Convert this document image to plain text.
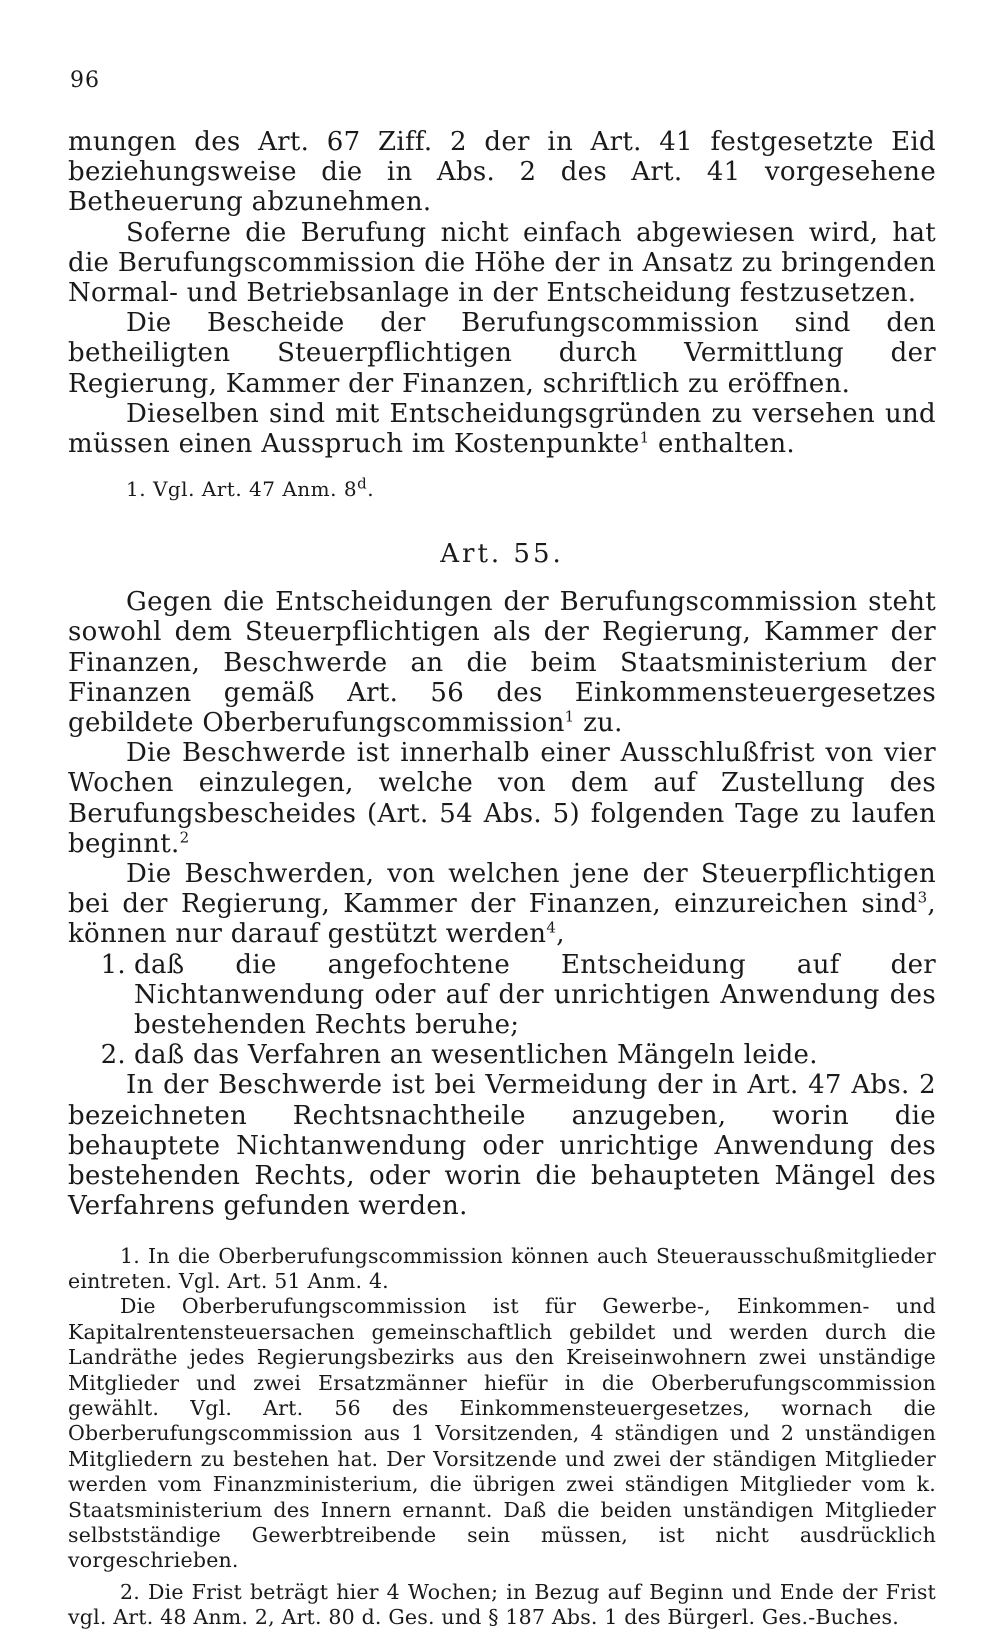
96

mungen des Art. 67 Ziff. 2 der in Art. 41 festgesetzte Eid beziehungsweise die in Abs. 2 des Art. 41 vorgesehene Betheuerung abzunehmen.

Soferne die Berufung nicht einfach abgewiesen wird, hat die Berufungscommission die Höhe der in Ansatz zu bringenden Normal- und Betriebsanlage in der Entscheidung festzusetzen.

Die Bescheide der Berufungscommission sind den betheiligten Steuerpflichtigen durch Vermittlung der Regierung, Kammer der Finanzen, schriftlich zu eröffnen.

Dieselben sind mit Entscheidungsgründen zu versehen und müssen einen Ausspruch im Kostenpunkte$^1$ enthalten.

1. Vgl. Art. 47 Anm. 8$^d$.
Art. 55.

Gegen die Entscheidungen der Berufungscommission steht sowohl dem Steuerpflichtigen als der Regierung, Kammer der Finanzen, Beschwerde an die beim Staatsministerium der Finanzen gemäß Art. 56 des Einkommensteuergesetzes gebildete Oberberufungscommission$^1$ zu.

Die Beschwerde ist innerhalb einer Ausschlußfrist von vier Wochen einzulegen, welche von dem auf Zustellung des Berufungsbescheides (Art. 54 Abs. 5) folgenden Tage zu laufen beginnt.$^2$

Die Beschwerden, von welchen jene der Steuerpflichtigen bei der Regierung, Kammer der Finanzen, einzureichen sind$^3$, können nur darauf gestützt werden$^4$,

1. daß die angefochtene Entscheidung auf der Nichtanwendung oder auf der unrichtigen Anwendung des bestehenden Rechts beruhe;
2. daß das Verfahren an wesentlichen Mängeln leide.

In der Beschwerde ist bei Vermeidung der in Art. 47 Abs. 2 bezeichneten Rechtsnachtheile anzugeben, worin die behauptete Nichtanwendung oder unrichtige Anwendung des bestehenden Rechts, oder worin die behaupteten Mängel des Verfahrens gefunden werden.

1. In die Oberberufungscommission können auch Steuerausschußmitglieder eintreten. Vgl. Art. 51 Anm. 4.

Die Oberberufungscommission ist für Gewerbe-, Einkommen- und Kapitalrentensteuersachen gemeinschaftlich gebildet und werden durch die Landräthe jedes Regierungsbezirks aus den Kreiseinwohnern zwei unständige Mitglieder und zwei Ersatzmänner hiefür in die Oberberufungscommission gewählt. Vgl. Art. 56 des Einkommensteuergesetzes, wornach die Oberberufungscommission aus 1 Vorsitzenden, 4 ständigen und 2 unständigen Mitgliedern zu bestehen hat. Der Vorsitzende und zwei der ständigen Mitglieder werden vom Finanzministerium, die übrigen zwei ständigen Mitglieder vom k. Staatsministerium des Innern ernannt. Daß die beiden unständigen Mitglieder selbstständige Gewerbtreibende sein müssen, ist nicht ausdrücklich vorgeschrieben.

2. Die Frist beträgt hier 4 Wochen; in Bezug auf Beginn und Ende der Frist vgl. Art. 48 Anm. 2, Art. 80 d. Ges. und § 187 Abs. 1 des Bürgerl. Ges.-Buches.
